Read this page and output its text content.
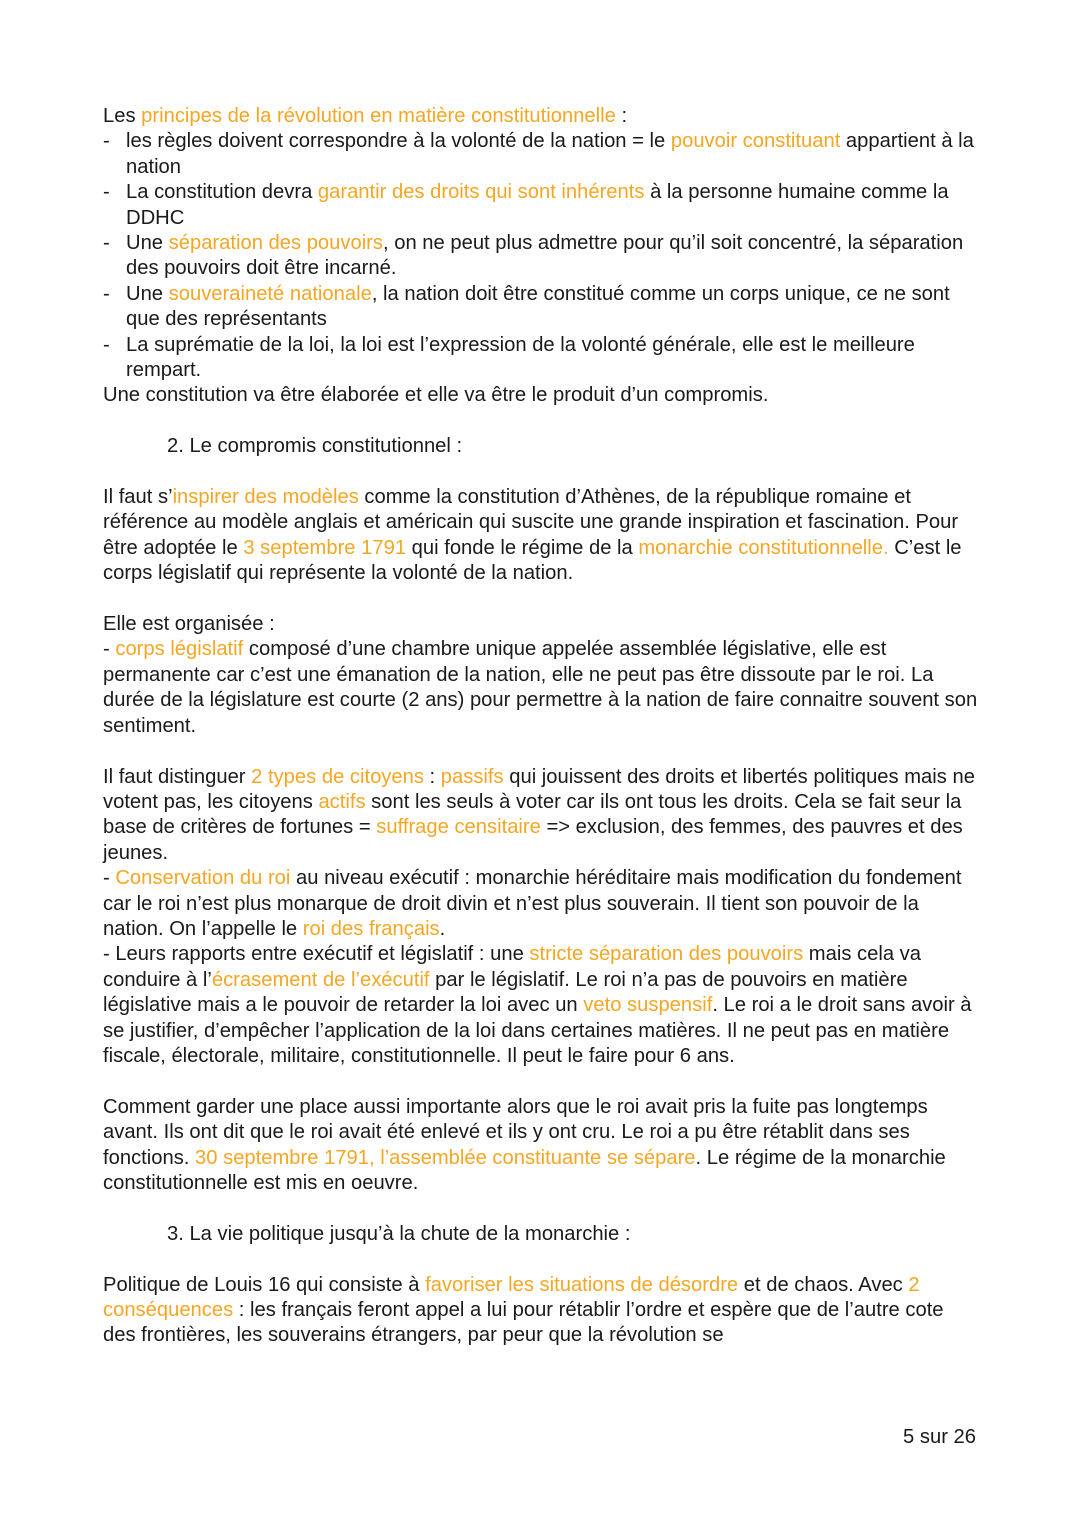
Les principes de la révolution en matière constitutionnelle :

- les règles doivent correspondre à la volonté de la nation = le pouvoir constituant appartient à la nation
- La constitution devra garantir des droits qui sont inhérents à la personne humaine comme la DDHC
- Une séparation des pouvoirs, on ne peut plus admettre pour qu’il soit concentré, la séparation des pouvoirs doit être incarné.
- Une souveraineté nationale, la nation doit être constitué comme un corps unique, ce ne sont que des représentants
- La suprématie de la loi, la loi est l’expression de la volonté générale, elle est le meilleure rempart.

Une constitution va être élaborée et elle va être le produit d’un compromis.

2. Le compromis constitutionnel :

Il faut s’inspirer des modèles comme la constitution d’Athènes, de la république romaine et référence au modèle anglais et américain qui suscite une grande inspiration et fascination. Pour être adoptée le 3 septembre 1791 qui fonde le régime de la monarchie constitutionnelle. C’est le corps législatif qui représente la volonté de la nation.

Elle est organisée :

- corps législatif composé d’une chambre unique appelée assemblée législative, elle est permanente car c’est une émanation de la nation, elle ne peut pas être dissoute par le roi. La durée de la législature est courte (2 ans) pour permettre à la nation de faire connaitre souvent son sentiment.

Il faut distinguer 2 types de citoyens : passifs qui jouissent des droits et libertés politiques mais ne votent pas, les citoyens actifs sont les seuls à voter car ils ont tous les droits. Cela se fait seur la base de critères de fortunes = suffrage censitaire => exclusion, des femmes, des pauvres et des jeunes.

- Conservation du roi au niveau exécutif : monarchie héréditaire mais modification du fondement car le roi n’est plus monarque de droit divin et n’est plus souverain. Il tient son pouvoir de la nation. On l’appelle le roi des français.

- Leurs rapports entre exécutif et législatif : une stricte séparation des pouvoirs mais cela va conduire à l’écrasement de l’exécutif par le législatif. Le roi n’a pas de pouvoirs en matière législative mais a le pouvoir de retarder la loi avec un veto suspensif. Le roi a le droit sans avoir à se justifier, d’empêcher l’application de la loi dans certaines matières. Il ne peut pas en matière fiscale, électorale, militaire, constitutionnelle. Il peut le faire pour 6 ans.

Comment garder une place aussi importante alors que le roi avait pris la fuite pas longtemps avant. Ils ont dit que le roi avait été enlevé et ils y ont cru. Le roi a pu être rétablit dans ses fonctions. 30 septembre 1791, l’assemblée constituante se sépare. Le régime de la monarchie constitutionnelle est mis en oeuvre.

3. La vie politique jusqu’à la chute de la monarchie :

Politique de Louis 16 qui consiste à favoriser les situations de désordre et de chaos. Avec 2 conséquences : les français feront appel a lui pour rétablir l’ordre et espère que de l’autre cote des frontières, les souverains étrangers, par peur que la révolution se

5 sur 26
